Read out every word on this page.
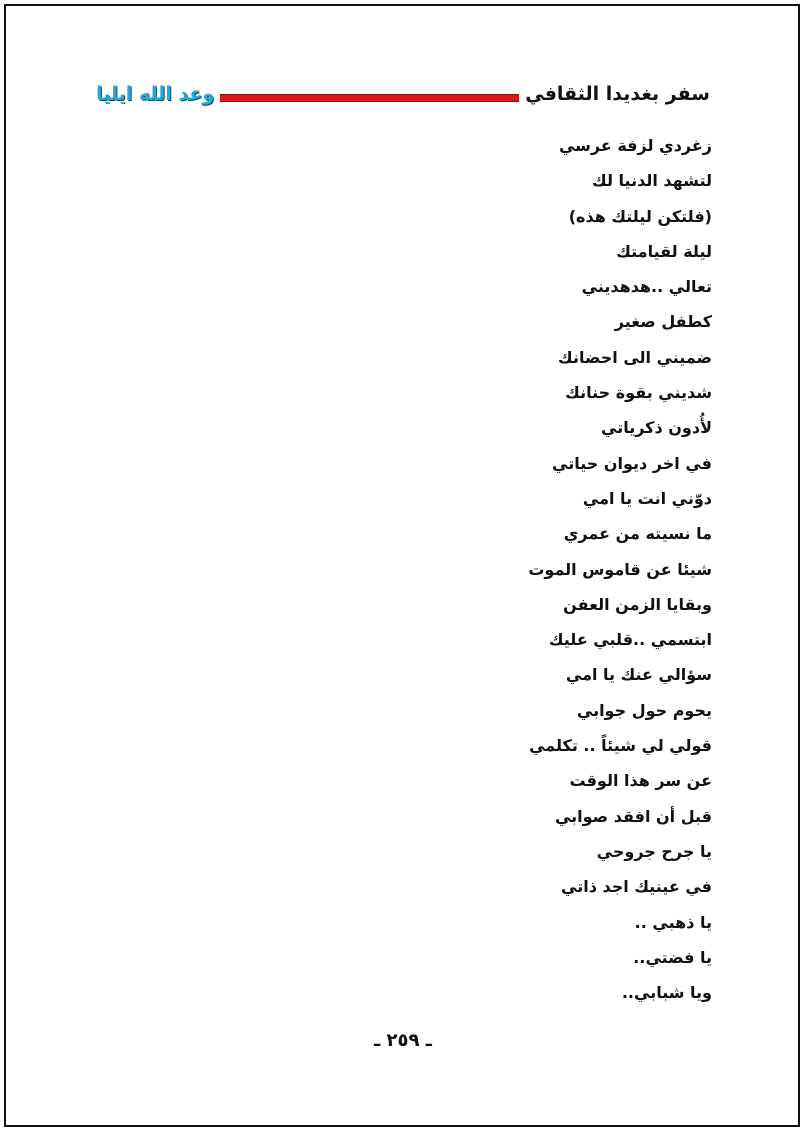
سفر بغديدا الثقافي
وعد الله ايليا
زغردي لزفة عرسي
لتشهد الدنيا لك
(فلتكن ليلتك هذه)
ليلة لقيامتك
تعالي ..هدهديني
كطفل صغير
ضميني الى احضانك
شديني بقوة حنانك
لأُدون ذكرياتي
في اخر ديوان حياتي
دوّني انت يا امي
ما نسيته من عمري
شيئا عن قاموس الموت
وبقايا الزمن العفن
ابتسمي ..قلبي عليك
سؤالي عنك يا امي
يحوم حول جوابي
قولي لي شيئاً .. تكلمي
عن سر هذا الوقت
قبل أن افقد صوابي
يا جرح جروحي
في عينيك اجد ذاتي
يا ذهبي ..
يا فضتي..
ويا شبابي..
ـ ٢٥٩ ـ
